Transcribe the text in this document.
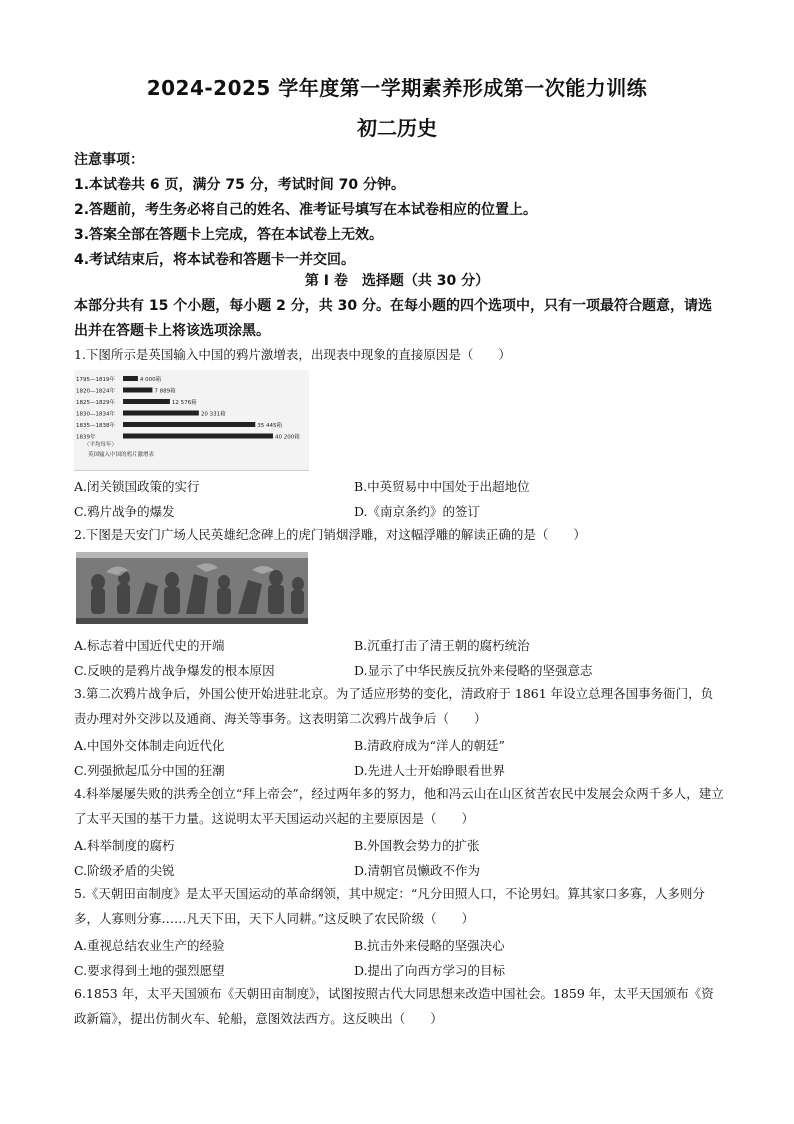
2024-2025 学年度第一学期素养形成第一次能力训练
初二历史
注意事项：
1.本试卷共 6 页，满分 75 分，考试时间 70 分钟。
2.答题前，考生务必将自己的姓名、准考证号填写在本试卷相应的位置上。
3.答案全部在答题卡上完成，答在本试卷上无效。
4.考试结束后，将本试卷和答题卡一并交回。
第 Ⅰ 卷　选择题（共 30 分）
本部分共有 15 个小题，每小题 2 分，共 30 分。在每小题的四个选项中，只有一项最符合题意，请选出并在答题卡上将该选项涂黑。
1.下图所示是英国输入中国的鸦片激增表，出现表中现象的直接原因是（　　）
1795—1819年	4 000箱
1820—1824年	7 889箱
1825—1829年	12 576箱
1830—1834年	20 331箱
1835—1838年	35 445箱
1839年	40 200箱
（平均每年）
英国输入中国的鸦片激增表
A.闭关锁国政策的实行	B.中英贸易中中国处于出超地位
C.鸦片战争的爆发	D.《南京条约》的签订
2.下图是天安门广场人民英雄纪念碑上的虎门销烟浮雕，对这幅浮雕的解读正确的是（　　）
A.标志着中国近代史的开端	B.沉重打击了清王朝的腐朽统治
C.反映的是鸦片战争爆发的根本原因	D.显示了中华民族反抗外来侵略的坚强意志
3.第二次鸦片战争后，外国公使开始进驻北京。为了适应形势的变化，清政府于 1861 年设立总理各国事务衙门，负责办理对外交涉以及通商、海关等事务。这表明第二次鸦片战争后（　　）
A.中国外交体制走向近代化	B.清政府成为“洋人的朝廷”
C.列强掀起瓜分中国的狂潮	D.先进人士开始睁眼看世界
4.科举屡屡失败的洪秀全创立“拜上帝会”，经过两年多的努力，他和冯云山在山区贫苦农民中发展会众两千多人，建立了太平天国的基干力量。这说明太平天国运动兴起的主要原因是（　　）
A.科举制度的腐朽	B.外国教会势力的扩张
C.阶级矛盾的尖锐	D.清朝官员懒政不作为
5.《天朝田亩制度》是太平天国运动的革命纲领，其中规定：“凡分田照人口，不论男妇。算其家口多寡，人多则分多，人寡则分寡……凡天下田，天下人同耕。”这反映了农民阶级（　　）
A.重视总结农业生产的经验	B.抗击外来侵略的坚强决心
C.要求得到土地的强烈愿望	D.提出了向西方学习的目标
6.1853 年，太平天国颁布《天朝田亩制度》，试图按照古代大同思想来改造中国社会。1859 年，太平天国颁布《资政新篇》，提出仿制火车、轮船，意图效法西方。这反映出（　　）
